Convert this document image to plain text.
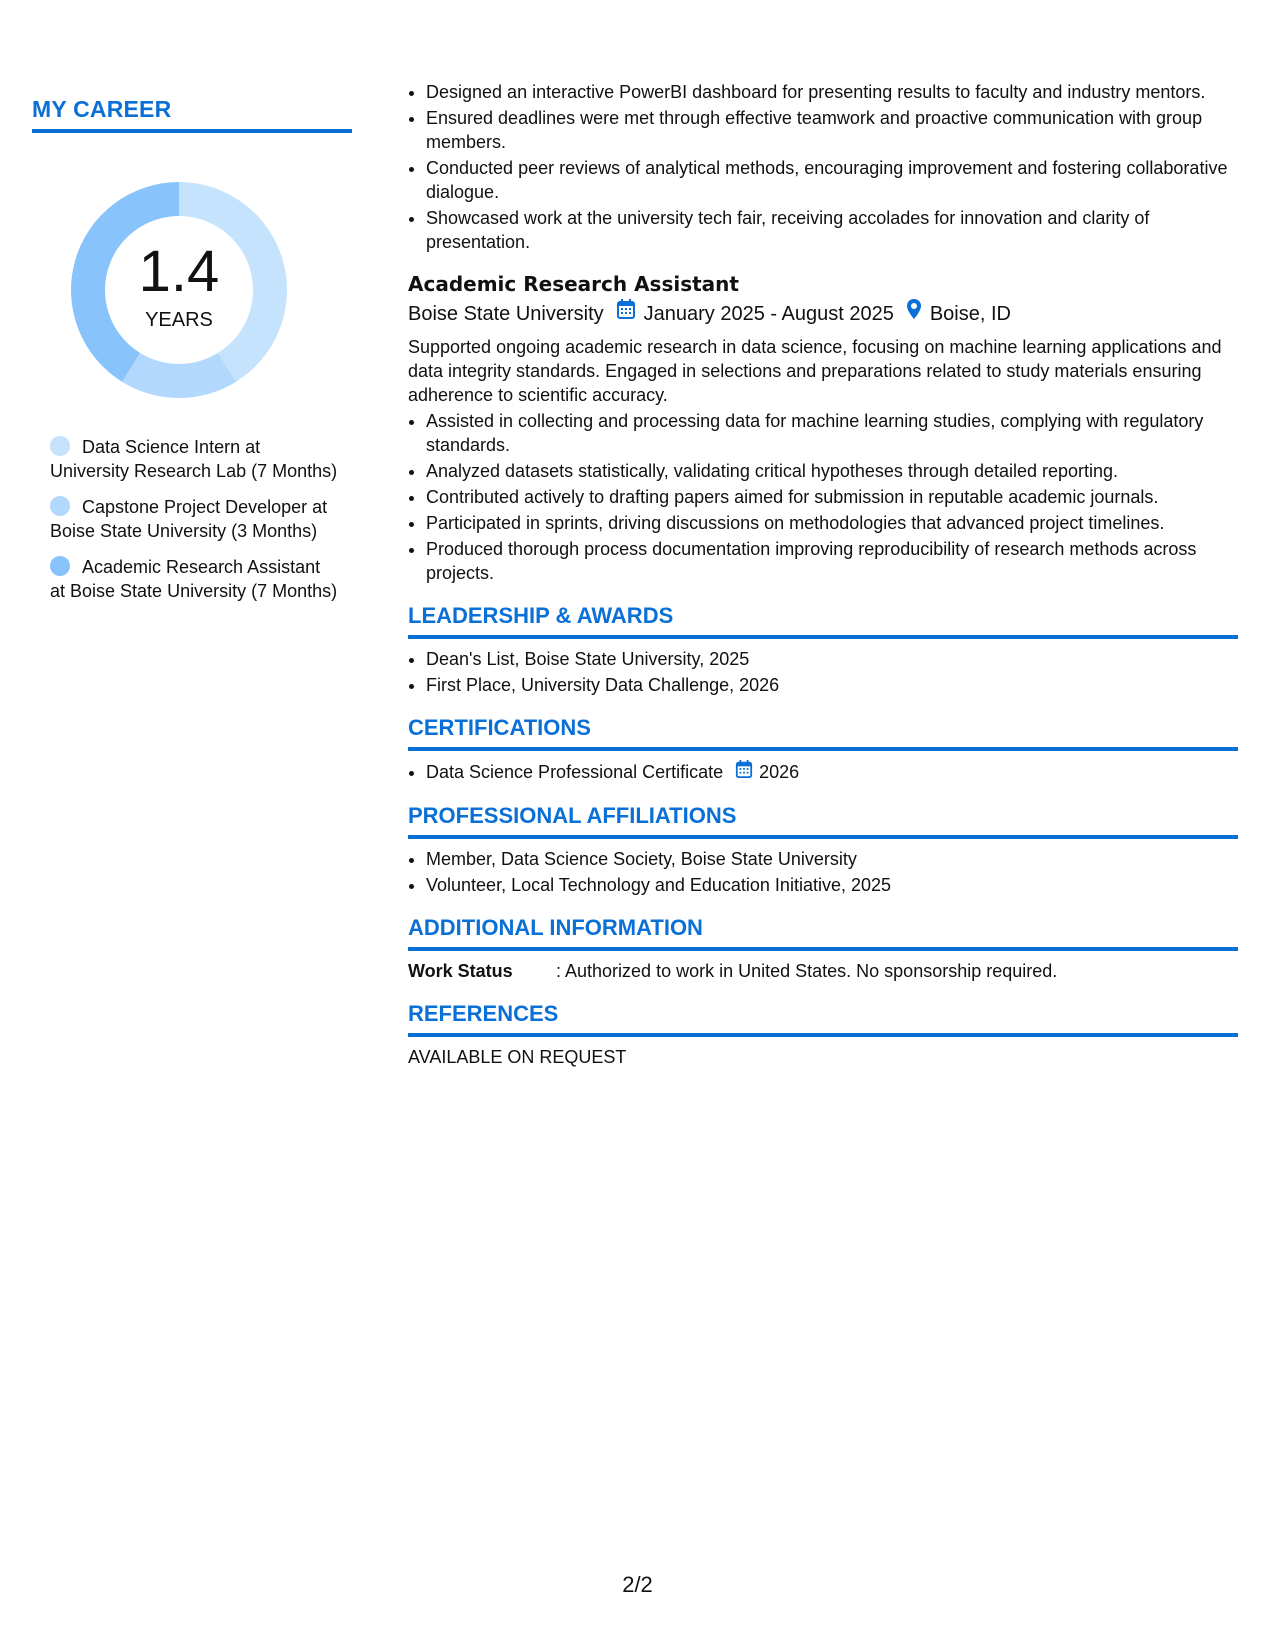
MY CAREER
1.4
YEARS
Data Science Intern at University Research Lab (7 Months)
Capstone Project Developer at Boise State University (3 Months)
Academic Research Assistant at Boise State University (7 Months)
• Designed an interactive PowerBI dashboard for presenting results to faculty and industry mentors.
• Ensured deadlines were met through effective teamwork and proactive communication with group members.
• Conducted peer reviews of analytical methods, encouraging improvement and fostering collaborative dialogue.
• Showcased work at the university tech fair, receiving accolades for innovation and clarity of presentation.
Academic Research Assistant
Boise State University January 2025 - August 2025 Boise, ID
Supported ongoing academic research in data science, focusing on machine learning applications and data integrity standards. Engaged in selections and preparations related to study materials ensuring adherence to scientific accuracy.
• Assisted in collecting and processing data for machine learning studies, complying with regulatory standards.
• Analyzed datasets statistically, validating critical hypotheses through detailed reporting.
• Contributed actively to drafting papers aimed for submission in reputable academic journals.
• Participated in sprints, driving discussions on methodologies that advanced project timelines.
• Produced thorough process documentation improving reproducibility of research methods across projects.
LEADERSHIP & AWARDS
• Dean's List, Boise State University, 2025
• First Place, University Data Challenge, 2026
CERTIFICATIONS
• Data Science Professional Certificate 2026
PROFESSIONAL AFFILIATIONS
• Member, Data Science Society, Boise State University
• Volunteer, Local Technology and Education Initiative, 2025
ADDITIONAL INFORMATION
Work Status	: Authorized to work in United States. No sponsorship required.
REFERENCES
AVAILABLE ON REQUEST
2/2
